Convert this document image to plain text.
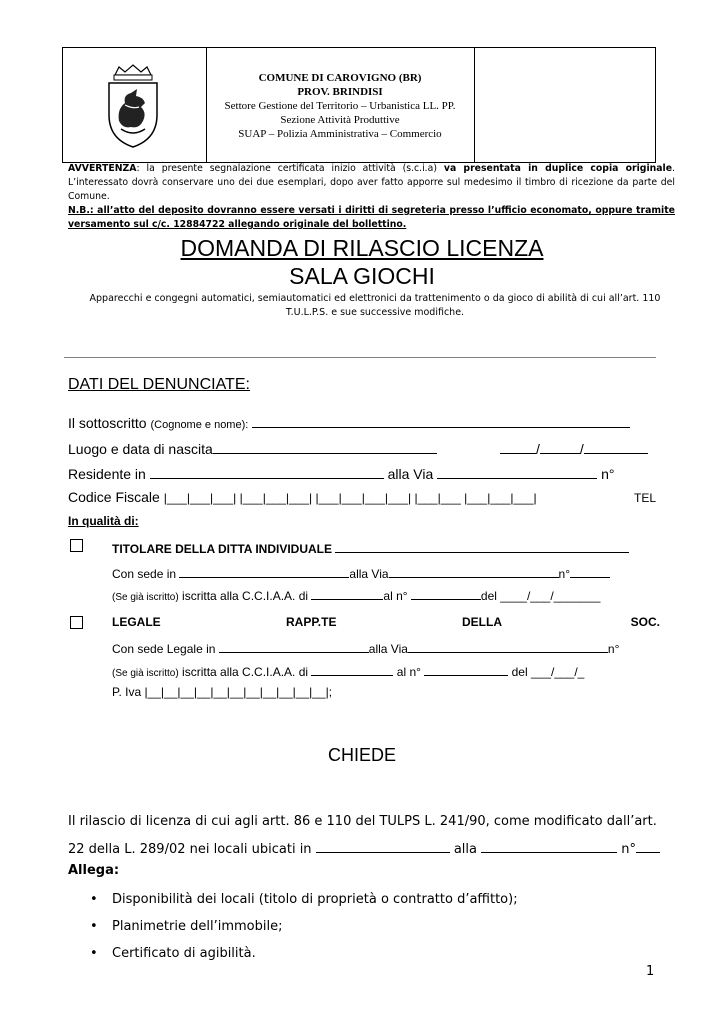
COMUNE DI CAROVIGNO (BR)
PROV. BRINDISI
Settore Gestione del Territorio – Urbanistica LL. PP.
Sezione Attività Produttive
SUAP – Polizia Amministrativa – Commercio
AVVERTENZA: la presente segnalazione certificata inizio attività (s.c.i.a) va presentata in duplice copia originale. L’interessato dovrà conservare uno dei due esemplari, dopo aver fatto apporre sul medesimo il timbro di ricezione da parte del Comune.
N.B.: all’atto del deposito dovranno essere versati i diritti di segreteria presso l’ufficio economato, oppure tramite versamento sul c/c. 12884722 allegando originale del bollettino.
DOMANDA DI RILASCIO LICENZA
SALA GIOCHI
Apparecchi e congegni automatici, semiautomatici ed elettronici da trattenimento o da gioco di abilità di cui all’art. 110 T.U.L.P.S. e sue successive modifiche.
DATI DEL DENUNCIATE:
Il sottoscritto (Cognome e nome):
Luogo e data di nascita	/	/
Residente in	alla Via	n°
Codice Fiscale |___|___|___| |___|___|___| |___|___|___|___| |___|___ |___|___|___|	TEL
In qualità di:
TITOLARE DELLA DITTA INDIVIDUALE
Con sede in	alla Via	n°
(Se già iscritto) iscritta alla C.C.I.A.A. di	al n°	del ____/___/_______
LEGALE	RAPP.TE	DELLA	SOC.
Con sede Legale in	alla Via	n°
(Se già iscritto) iscritta alla C.C.I.A.A. di	al n°	del ___/___/_
P. Iva |__|__|__|__|__|__|__|__|__|__|__|;
CHIEDE
Il rilascio di licenza di cui agli artt. 86 e 110 del TULPS L. 241/90, come modificato dall’art.
22 della L. 289/02 nei locali ubicati in	alla	n°
Allega:
• Disponibilità dei locali (titolo di proprietà o contratto d’affitto);
• Planimetrie dell’immobile;
• Certificato di agibilità.
1
